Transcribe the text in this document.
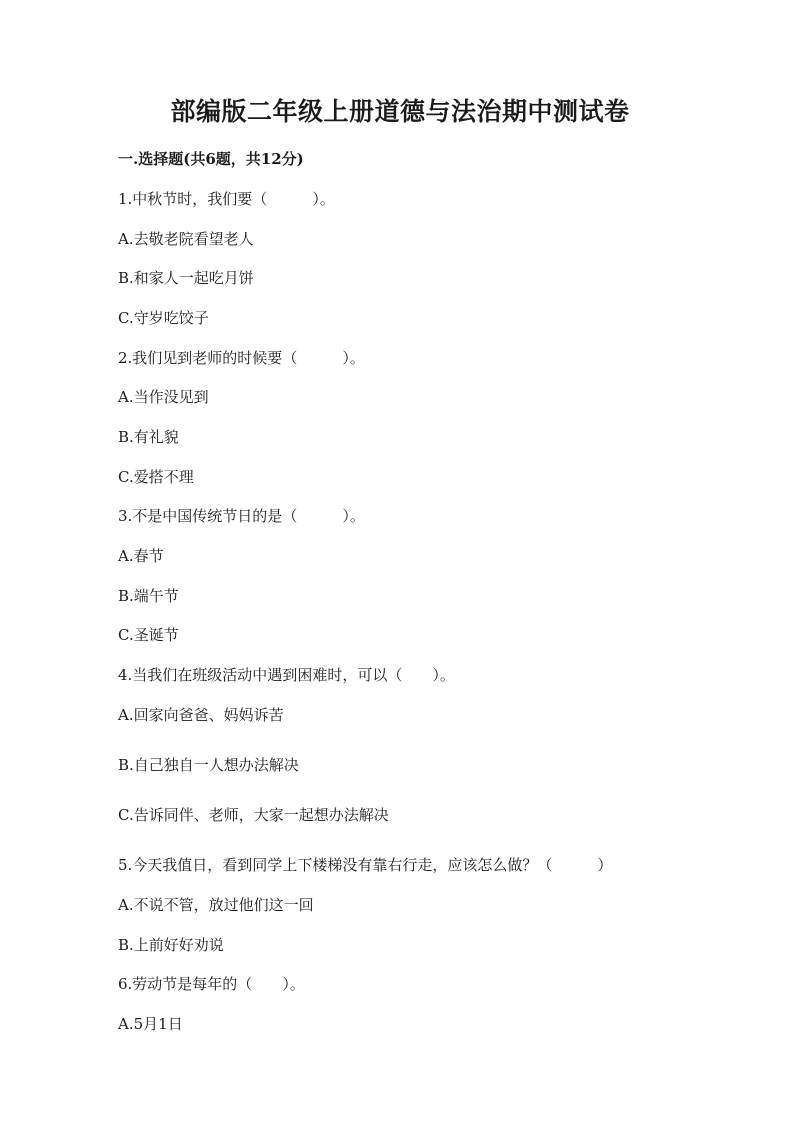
部编版二年级上册道德与法治期中测试卷
一.选择题(共6题，共12分)
1.中秋节时，我们要（　　　）。
A.去敬老院看望老人
B.和家人一起吃月饼
C.守岁吃饺子
2.我们见到老师的时候要（　　　）。
A.当作没见到
B.有礼貌
C.爱搭不理
3.不是中国传统节日的是（　　　）。
A.春节
B.端午节
C.圣诞节
4.当我们在班级活动中遇到困难时，可以（　　）。
A.回家向爸爸、妈妈诉苦
B.自己独自一人想办法解决
C.告诉同伴、老师，大家一起想办法解决
5.今天我值日，看到同学上下楼梯没有靠右行走，应该怎么做？（　　　）
A.不说不管，放过他们这一回
B.上前好好劝说
6.劳动节是每年的（　　）。
A.5月1日
